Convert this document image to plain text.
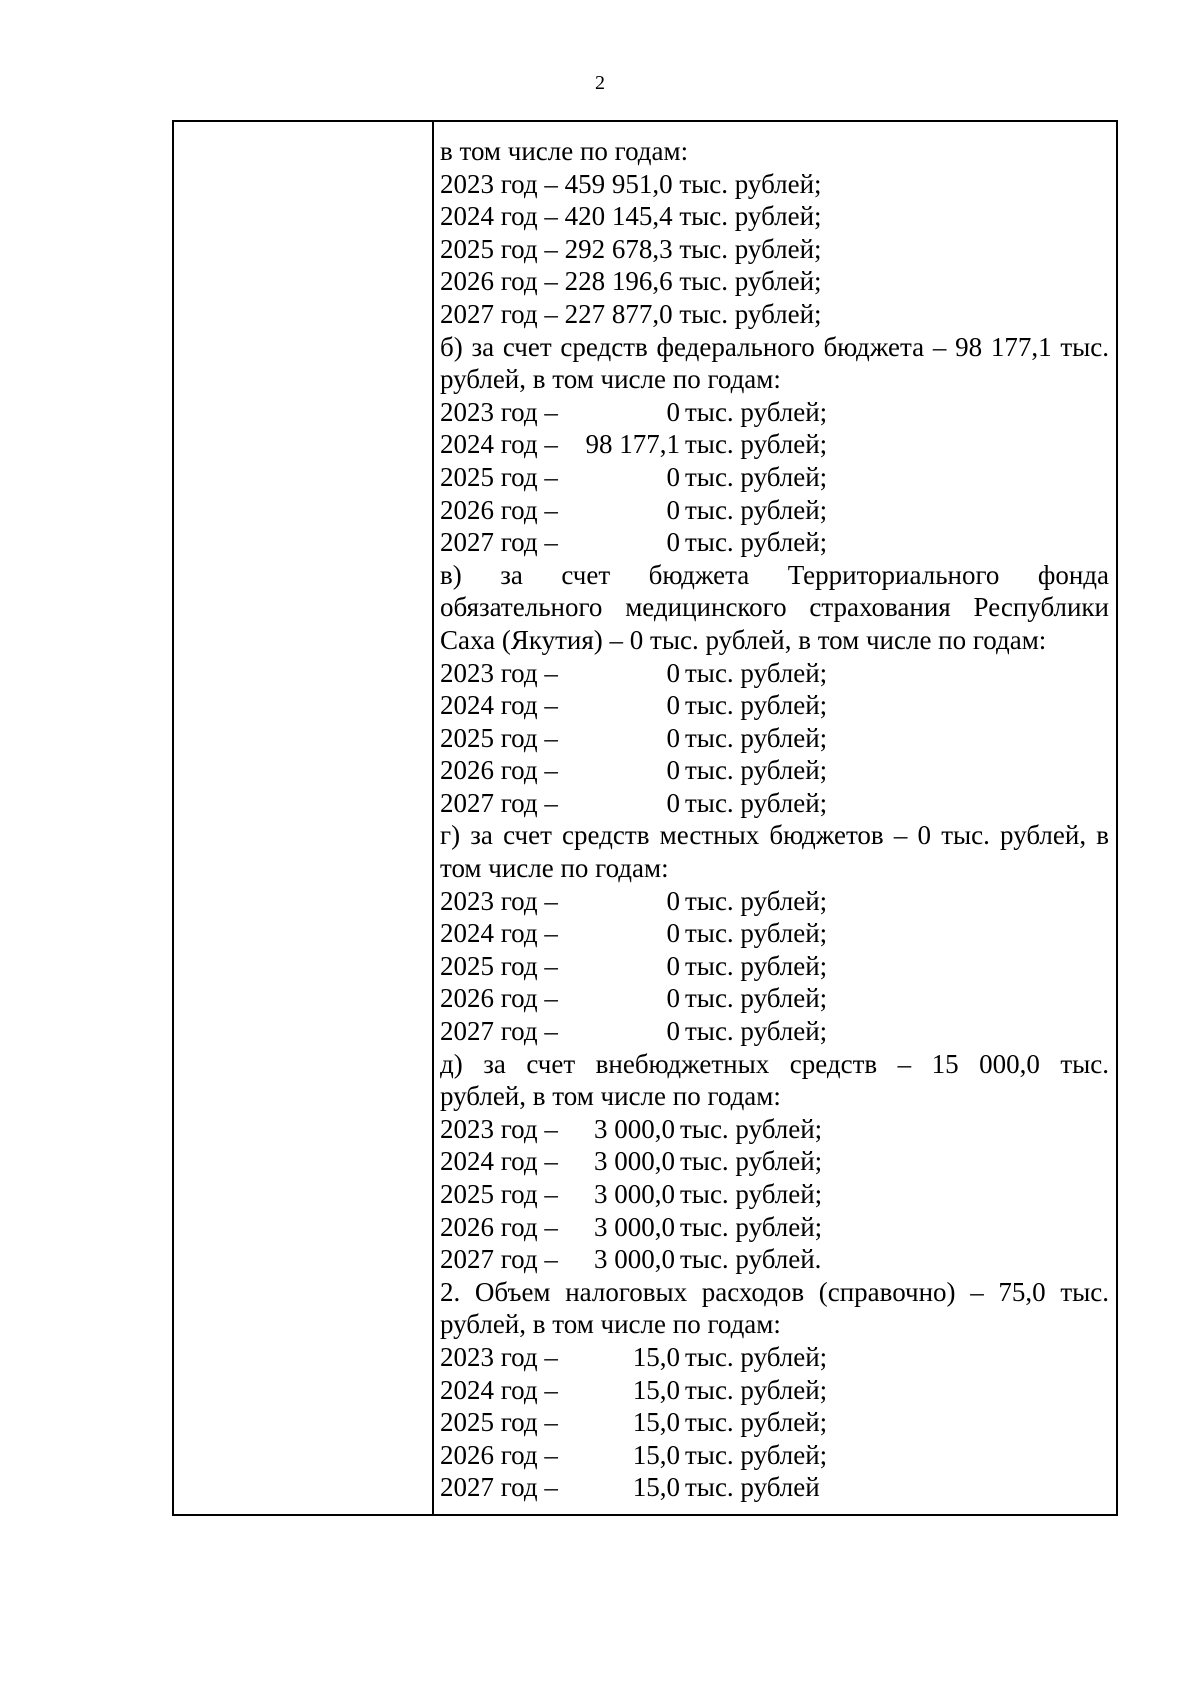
2
в том числе по годам:
2023 год – 459 951,0 тыс. рублей;
2024 год – 420 145,4 тыс. рублей;
2025 год – 292 678,3 тыс. рублей;
2026 год – 228 196,6 тыс. рублей;
2027 год – 227 877,0 тыс. рублей;
б) за счет средств федерального бюджета – 98 177,1 тыс.
рублей, в том числе по годам:
2023 год –	0 тыс. рублей;
2024 год –	98 177,1 тыс. рублей;
2025 год –	0 тыс. рублей;
2026 год –	0 тыс. рублей;
2027 год –	0 тыс. рублей;
в) за счет бюджета Территориального фонда
обязательного медицинского страхования Республики
Саха (Якутия) – 0 тыс. рублей, в том числе по годам:
2023 год –	0 тыс. рублей;
2024 год –	0 тыс. рублей;
2025 год –	0 тыс. рублей;
2026 год –	0 тыс. рублей;
2027 год –	0 тыс. рублей;
г) за счет средств местных бюджетов – 0 тыс. рублей, в
том числе по годам:
2023 год –	0 тыс. рублей;
2024 год –	0 тыс. рублей;
2025 год –	0 тыс. рублей;
2026 год –	0 тыс. рублей;
2027 год –	0 тыс. рублей;
д) за счет внебюджетных средств – 15 000,0 тыс.
рублей, в том числе по годам:
2023 год –	3 000,0 тыс. рублей;
2024 год –	3 000,0 тыс. рублей;
2025 год –	3 000,0 тыс. рублей;
2026 год –	3 000,0 тыс. рублей;
2027 год –	3 000,0 тыс. рублей.
2. Объем налоговых расходов (справочно) – 75,0 тыс.
рублей, в том числе по годам:
2023 год –	15,0 тыс. рублей;
2024 год –	15,0 тыс. рублей;
2025 год –	15,0 тыс. рублей;
2026 год –	15,0 тыс. рублей;
2027 год –	15,0 тыс. рублей
